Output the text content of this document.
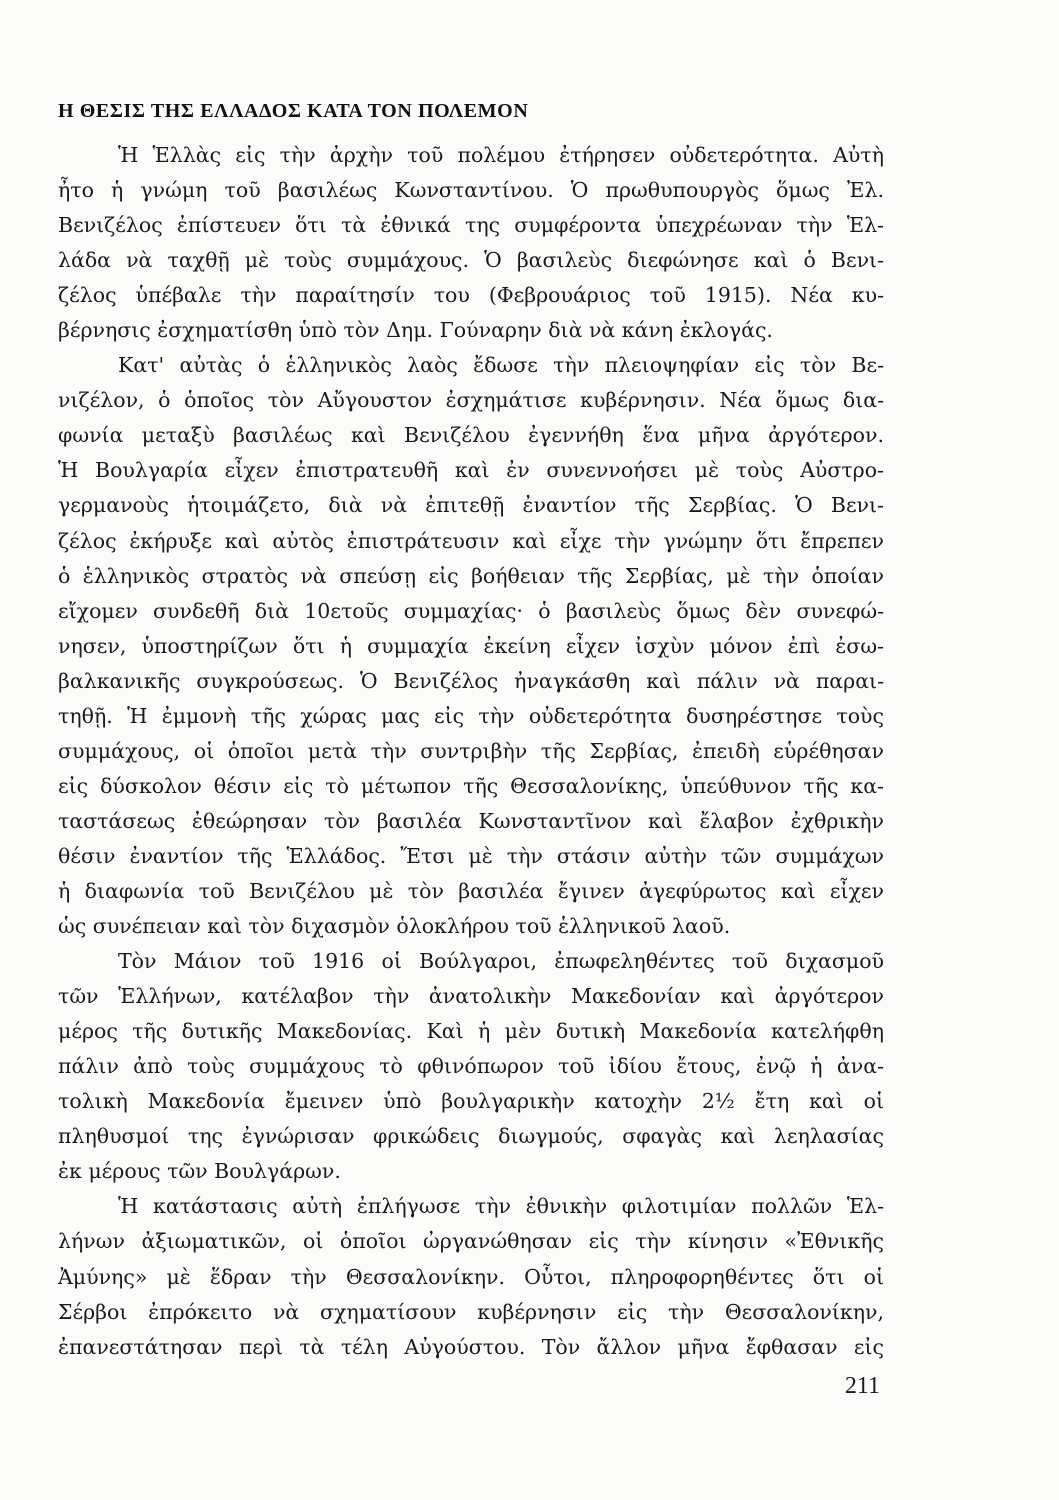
Η ΘΕΣΙΣ ΤΗΣ ΕΛΛΑΔΟΣ ΚΑΤΑ ΤΟΝ ΠΟΛΕΜΟΝ
Ἡ Ἑλλὰς εἰς τὴν ἀρχὴν τοῦ πολέμου ἐτήρησεν οὐδετερότητα. Αὐτὴ
ἦτο ἡ γνώμη τοῦ βασιλέως Κωνσταντίνου. Ὁ πρωθυπουργὸς ὅμως Ἐλ.
Βενιζέλος ἐπίστευεν ὅτι τὰ ἐθνικά της συμφέροντα ὑπεχρέωναν τὴν Ἑλ-
λάδα νὰ ταχθῇ μὲ τοὺς συμμάχους. Ὁ βασιλεὺς διεφώνησε καὶ ὁ Βενι-
ζέλος ὑπέβαλε τὴν παραίτησίν του (Φεβρουάριος τοῦ 1915). Νέα κυ-
βέρνησις ἐσχηματίσθη ὑπὸ τὸν Δημ. Γούναρην διὰ νὰ κάνη ἐκλογάς.
Κατ' αὐτὰς ὁ ἑλληνικὸς λαὸς ἔδωσε τὴν πλειοψηφίαν εἰς τὸν Βε-
νιζέλον, ὁ ὁποῖος τὸν Αὔγουστον ἐσχημάτισε κυβέρνησιν. Νέα ὅμως δια-
φωνία μεταξὺ βασιλέως καὶ Βενιζέλου ἐγεννήθη ἕνα μῆνα ἀργότερον.
Ἡ Βουλγαρία εἶχεν ἐπιστρατευθῆ καὶ ἐν συνεννοήσει μὲ τοὺς Αὐστρο-
γερμανοὺς ἡτοιμάζετο, διὰ νὰ ἐπιτεθῇ ἐναντίον τῆς Σερβίας. Ὁ Βενι-
ζέλος ἐκήρυξε καὶ αὐτὸς ἐπιστράτευσιν καὶ εἶχε τὴν γνώμην ὅτι ἔπρεπεν
ὁ ἑλληνικὸς στρατὸς νὰ σπεύσῃ εἰς βοήθειαν τῆς Σερβίας, μὲ τὴν ὁποίαν
εἴχομεν συνδεθῆ διὰ 10ετοῦς συμμαχίας· ὁ βασιλεὺς ὅμως δὲν συνεφώ-
νησεν, ὑποστηρίζων ὅτι ἡ συμμαχία ἐκείνη εἶχεν ἰσχὺν μόνον ἐπὶ ἐσω-
βαλκανικῆς συγκρούσεως. Ὁ Βενιζέλος ἠναγκάσθη καὶ πάλιν νὰ παραι-
τηθῇ. Ἡ ἐμμονὴ τῆς χώρας μας εἰς τὴν οὐδετερότητα δυσηρέστησε τοὺς
συμμάχους, οἱ ὁποῖοι μετὰ τὴν συντριβὴν τῆς Σερβίας, ἐπειδὴ εὑρέθησαν
εἰς δύσκολον θέσιν εἰς τὸ μέτωπον τῆς Θεσσαλονίκης, ὑπεύθυνον τῆς κα-
ταστάσεως ἐθεώρησαν τὸν βασιλέα Κωνσταντῖνον καὶ ἔλαβον ἐχθρικὴν
θέσιν ἐναντίον τῆς Ἑλλάδος. Ἔτσι μὲ τὴν στάσιν αὐτὴν τῶν συμμάχων
ἡ διαφωνία τοῦ Βενιζέλου μὲ τὸν βασιλέα ἔγινεν ἀγεφύρωτος καὶ εἶχεν
ὡς συνέπειαν καὶ τὸν διχασμὸν ὁλοκλήρου τοῦ ἑλληνικοῦ λαοῦ.
Τὸν Μάιον τοῦ 1916 οἱ Βούλγαροι, ἐπωφεληθέντες τοῦ διχασμοῦ
τῶν Ἑλλήνων, κατέλαβον τὴν ἀνατολικὴν Μακεδονίαν καὶ ἀργότερον
μέρος τῆς δυτικῆς Μακεδονίας. Καὶ ἡ μὲν δυτικὴ Μακεδονία κατελήφθη
πάλιν ἀπὸ τοὺς συμμάχους τὸ φθινόπωρον τοῦ ἰδίου ἔτους, ἐνῷ ἡ ἀνα-
τολικὴ Μακεδονία ἔμεινεν ὑπὸ βουλγαρικὴν κατοχὴν 2½ ἔτη καὶ οἱ
πληθυσμοί της ἐγνώρισαν φρικώδεις διωγμούς, σφαγὰς καὶ λεηλασίας
ἐκ μέρους τῶν Βουλγάρων.
Ἡ κατάστασις αὐτὴ ἐπλήγωσε τὴν ἐθνικὴν φιλοτιμίαν πολλῶν Ἑλ-
λήνων ἀξιωματικῶν, οἱ ὁποῖοι ὠργανώθησαν εἰς τὴν κίνησιν «Ἐθνικῆς
Ἀμύνης» μὲ ἕδραν τὴν Θεσσαλονίκην. Οὗτοι, πληροφορηθέντες ὅτι οἱ
Σέρβοι ἐπρόκειτο νὰ σχηματίσουν κυβέρνησιν εἰς τὴν Θεσσαλονίκην,
ἐπανεστάτησαν περὶ τὰ τέλη Αὐγούστου. Τὸν ἄλλον μῆνα ἔφθασαν εἰς
211
